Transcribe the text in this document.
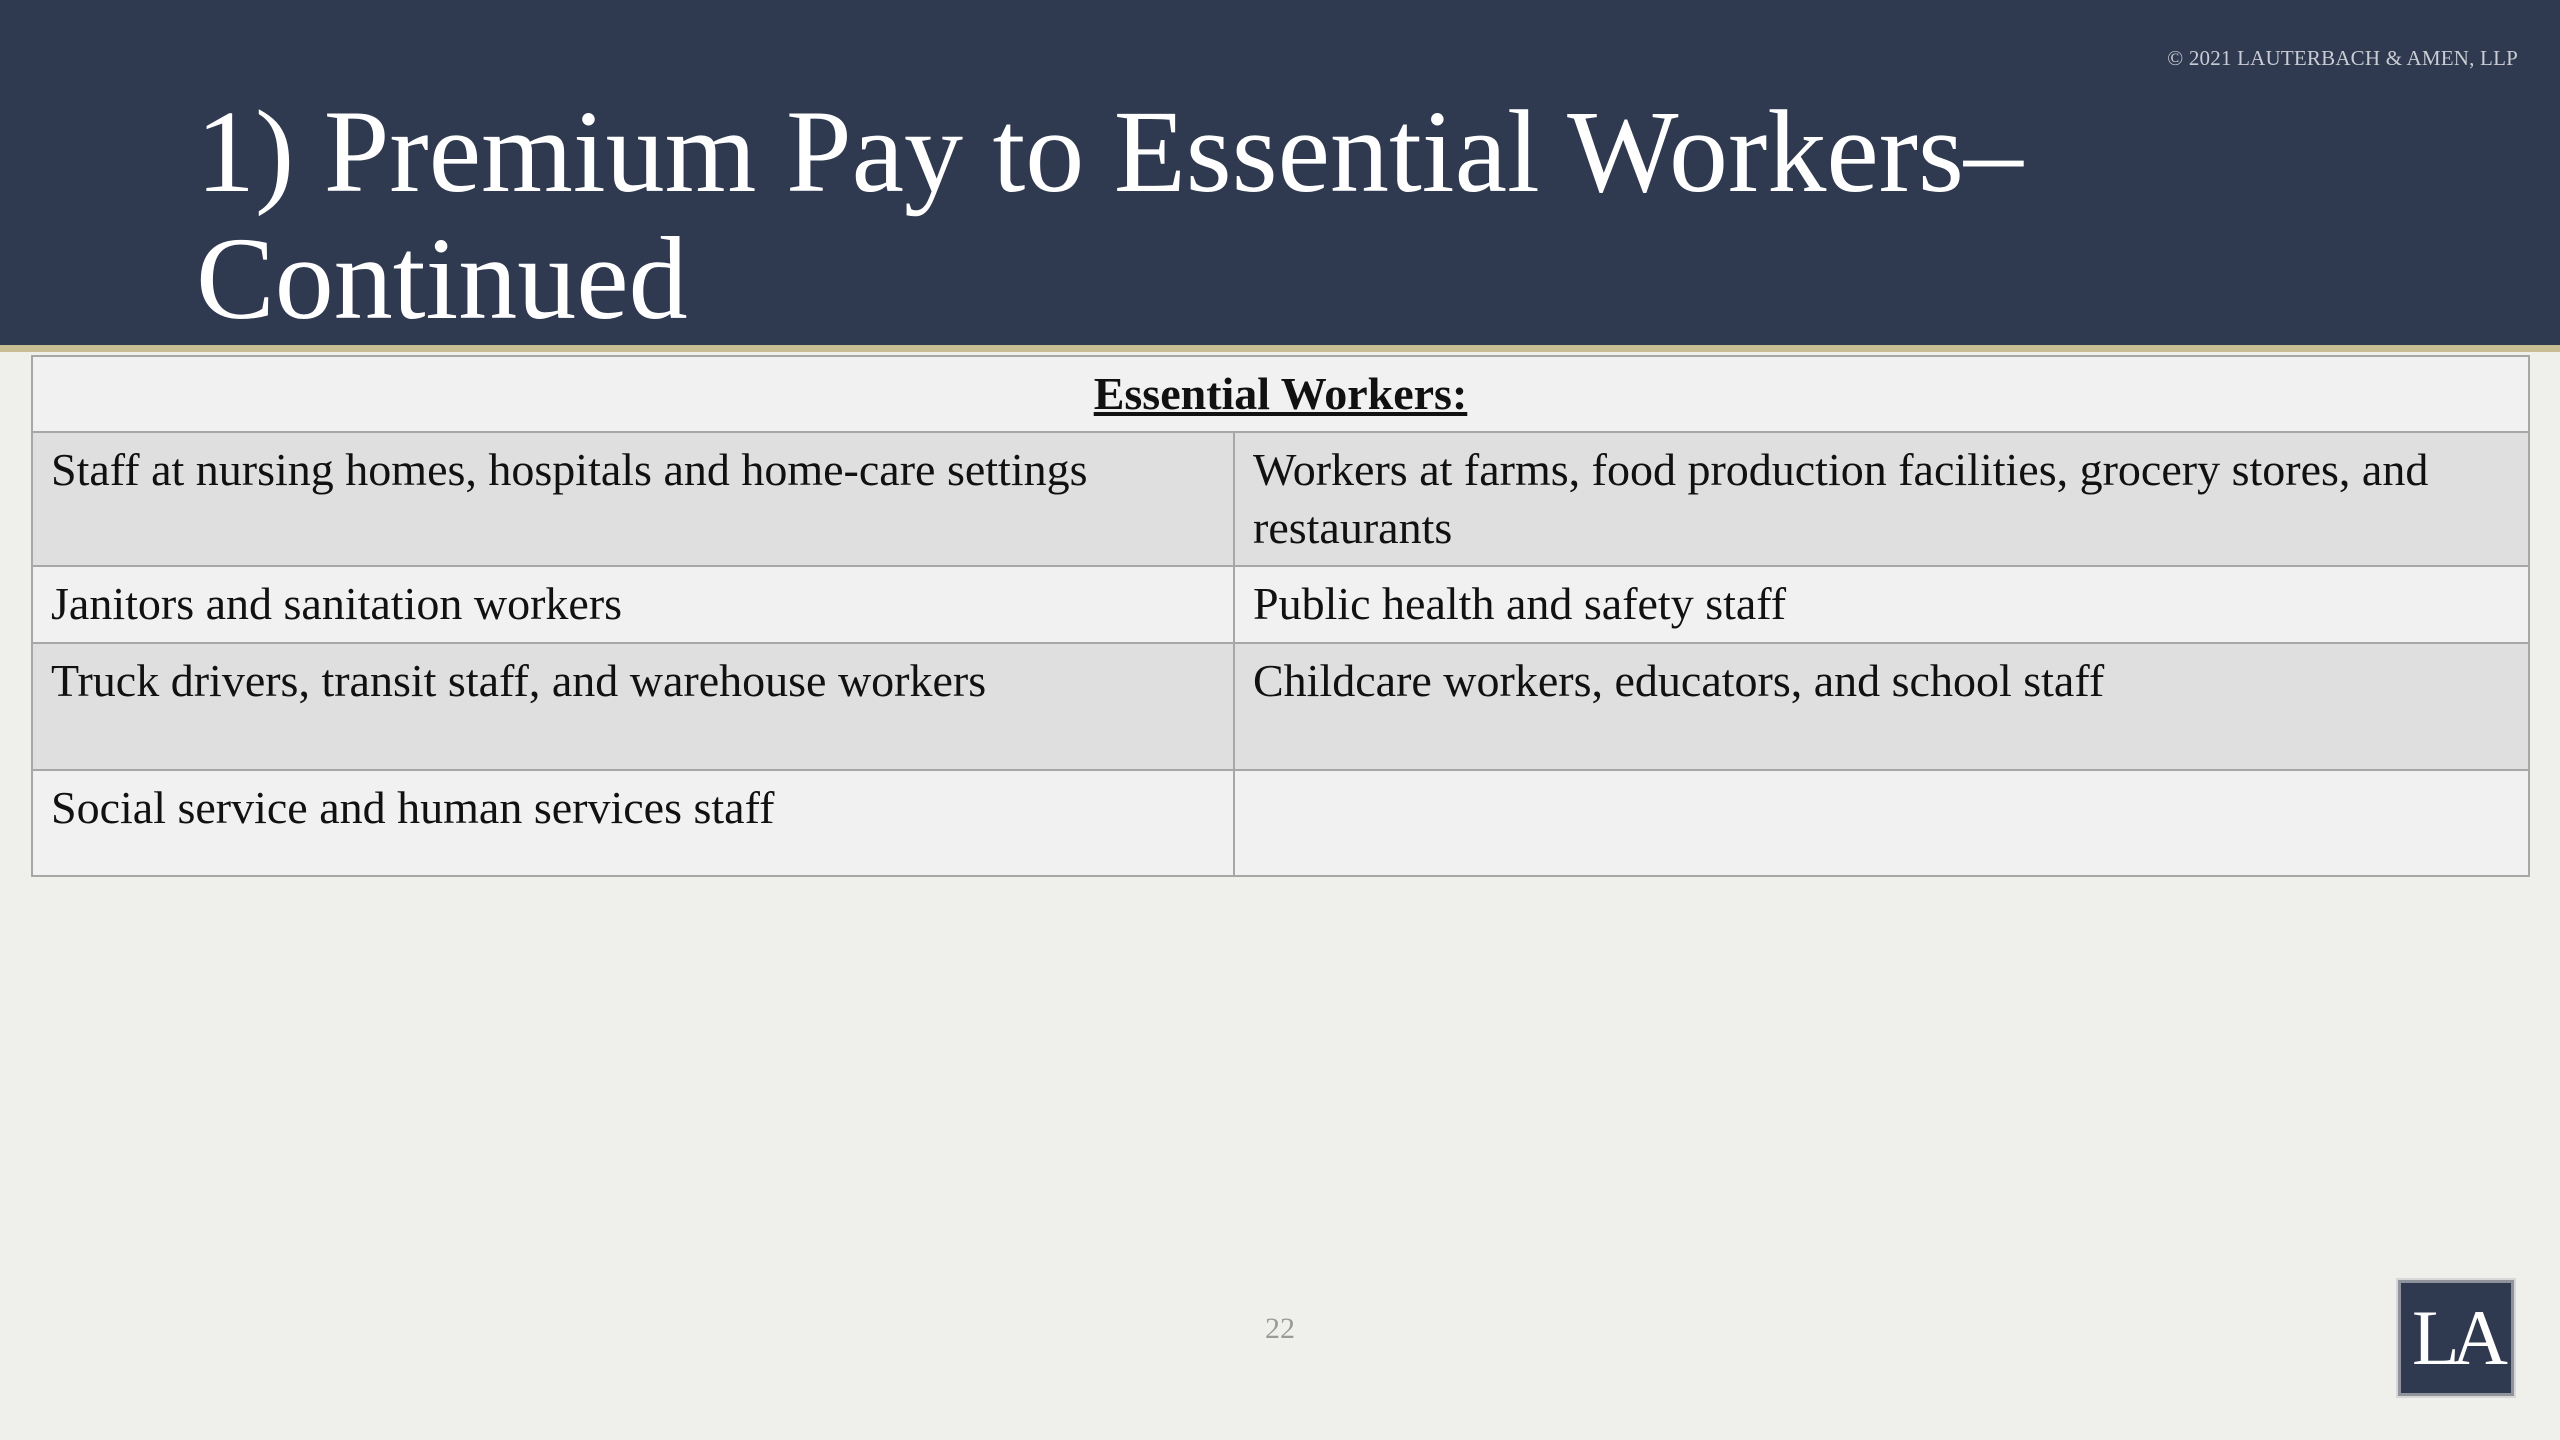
© 2021 LAUTERBACH & AMEN, LLP
1) Premium Pay to Essential Workers–
Continued
Essential Workers:	
Staff at nursing homes, hospitals and home-care settings	Workers at farms, food production facilities, grocery stores, and restaurants
Janitors and sanitation workers	Public health and safety staff
Truck drivers, transit staff, and warehouse workers	Childcare workers, educators, and school staff
Social service and human services staff	
22	LA
